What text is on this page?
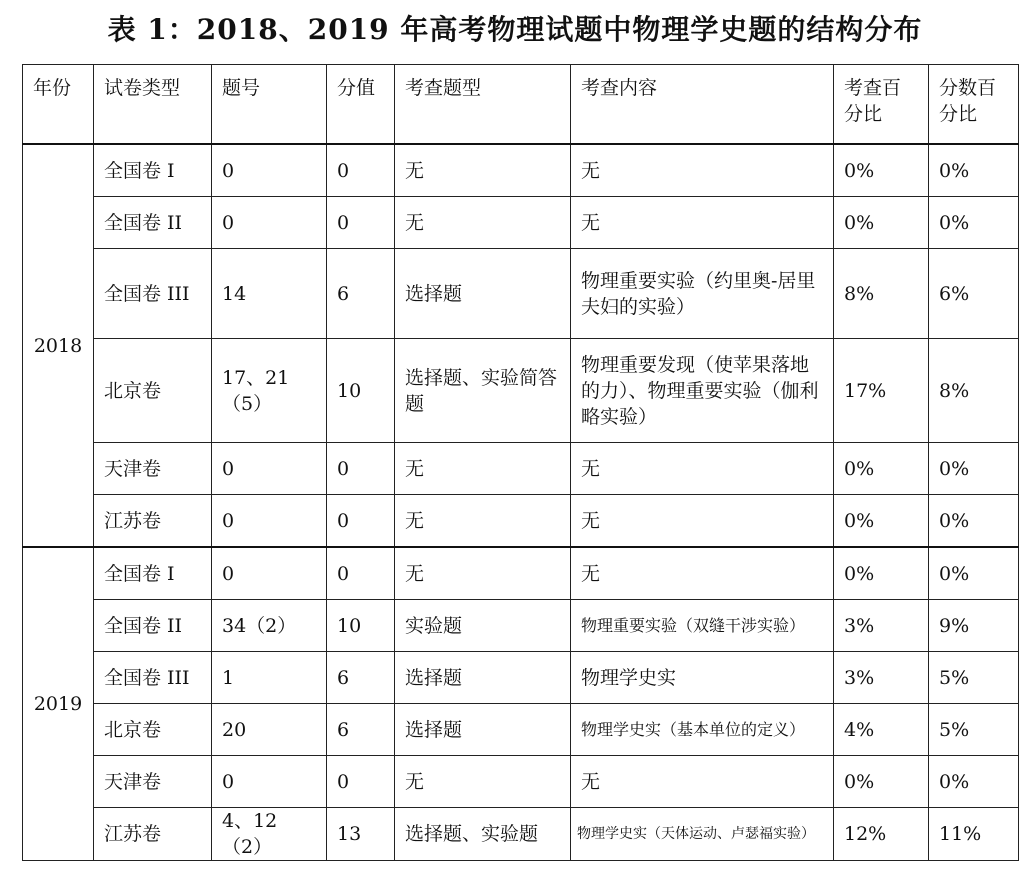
表 1：2018、2019 年高考物理试题中物理学史题的结构分布
年份	试卷类型	题号	分值	考查题型	考查内容	考查百分比	分数百分比
2018	全国卷 I	0	0	无	无	0%	0%
	全国卷 II	0	0	无	无	0%	0%
	全国卷 III	14	6	选择题	物理重要实验（约里奥-居里夫妇的实验）	8%	6%
	北京卷	17、21（5）	10	选择题、实验简答题	物理重要发现（使苹果落地的力）、物理重要实验（伽利略实验）	17%	8%
	天津卷	0	0	无	无	0%	0%
	江苏卷	0	0	无	无	0%	0%
2019	全国卷 I	0	0	无	无	0%	0%
	全国卷 II	34（2）	10	实验题	物理重要实验（双缝干涉实验）	3%	9%
	全国卷 III	1	6	选择题	物理学史实	3%	5%
	北京卷	20	6	选择题	物理学史实（基本单位的定义）	4%	5%
	天津卷	0	0	无	无	0%	0%
	江苏卷	4、12（2）	13	选择题、实验题	物理学史实（天体运动、卢瑟福实验）	12%	11%
